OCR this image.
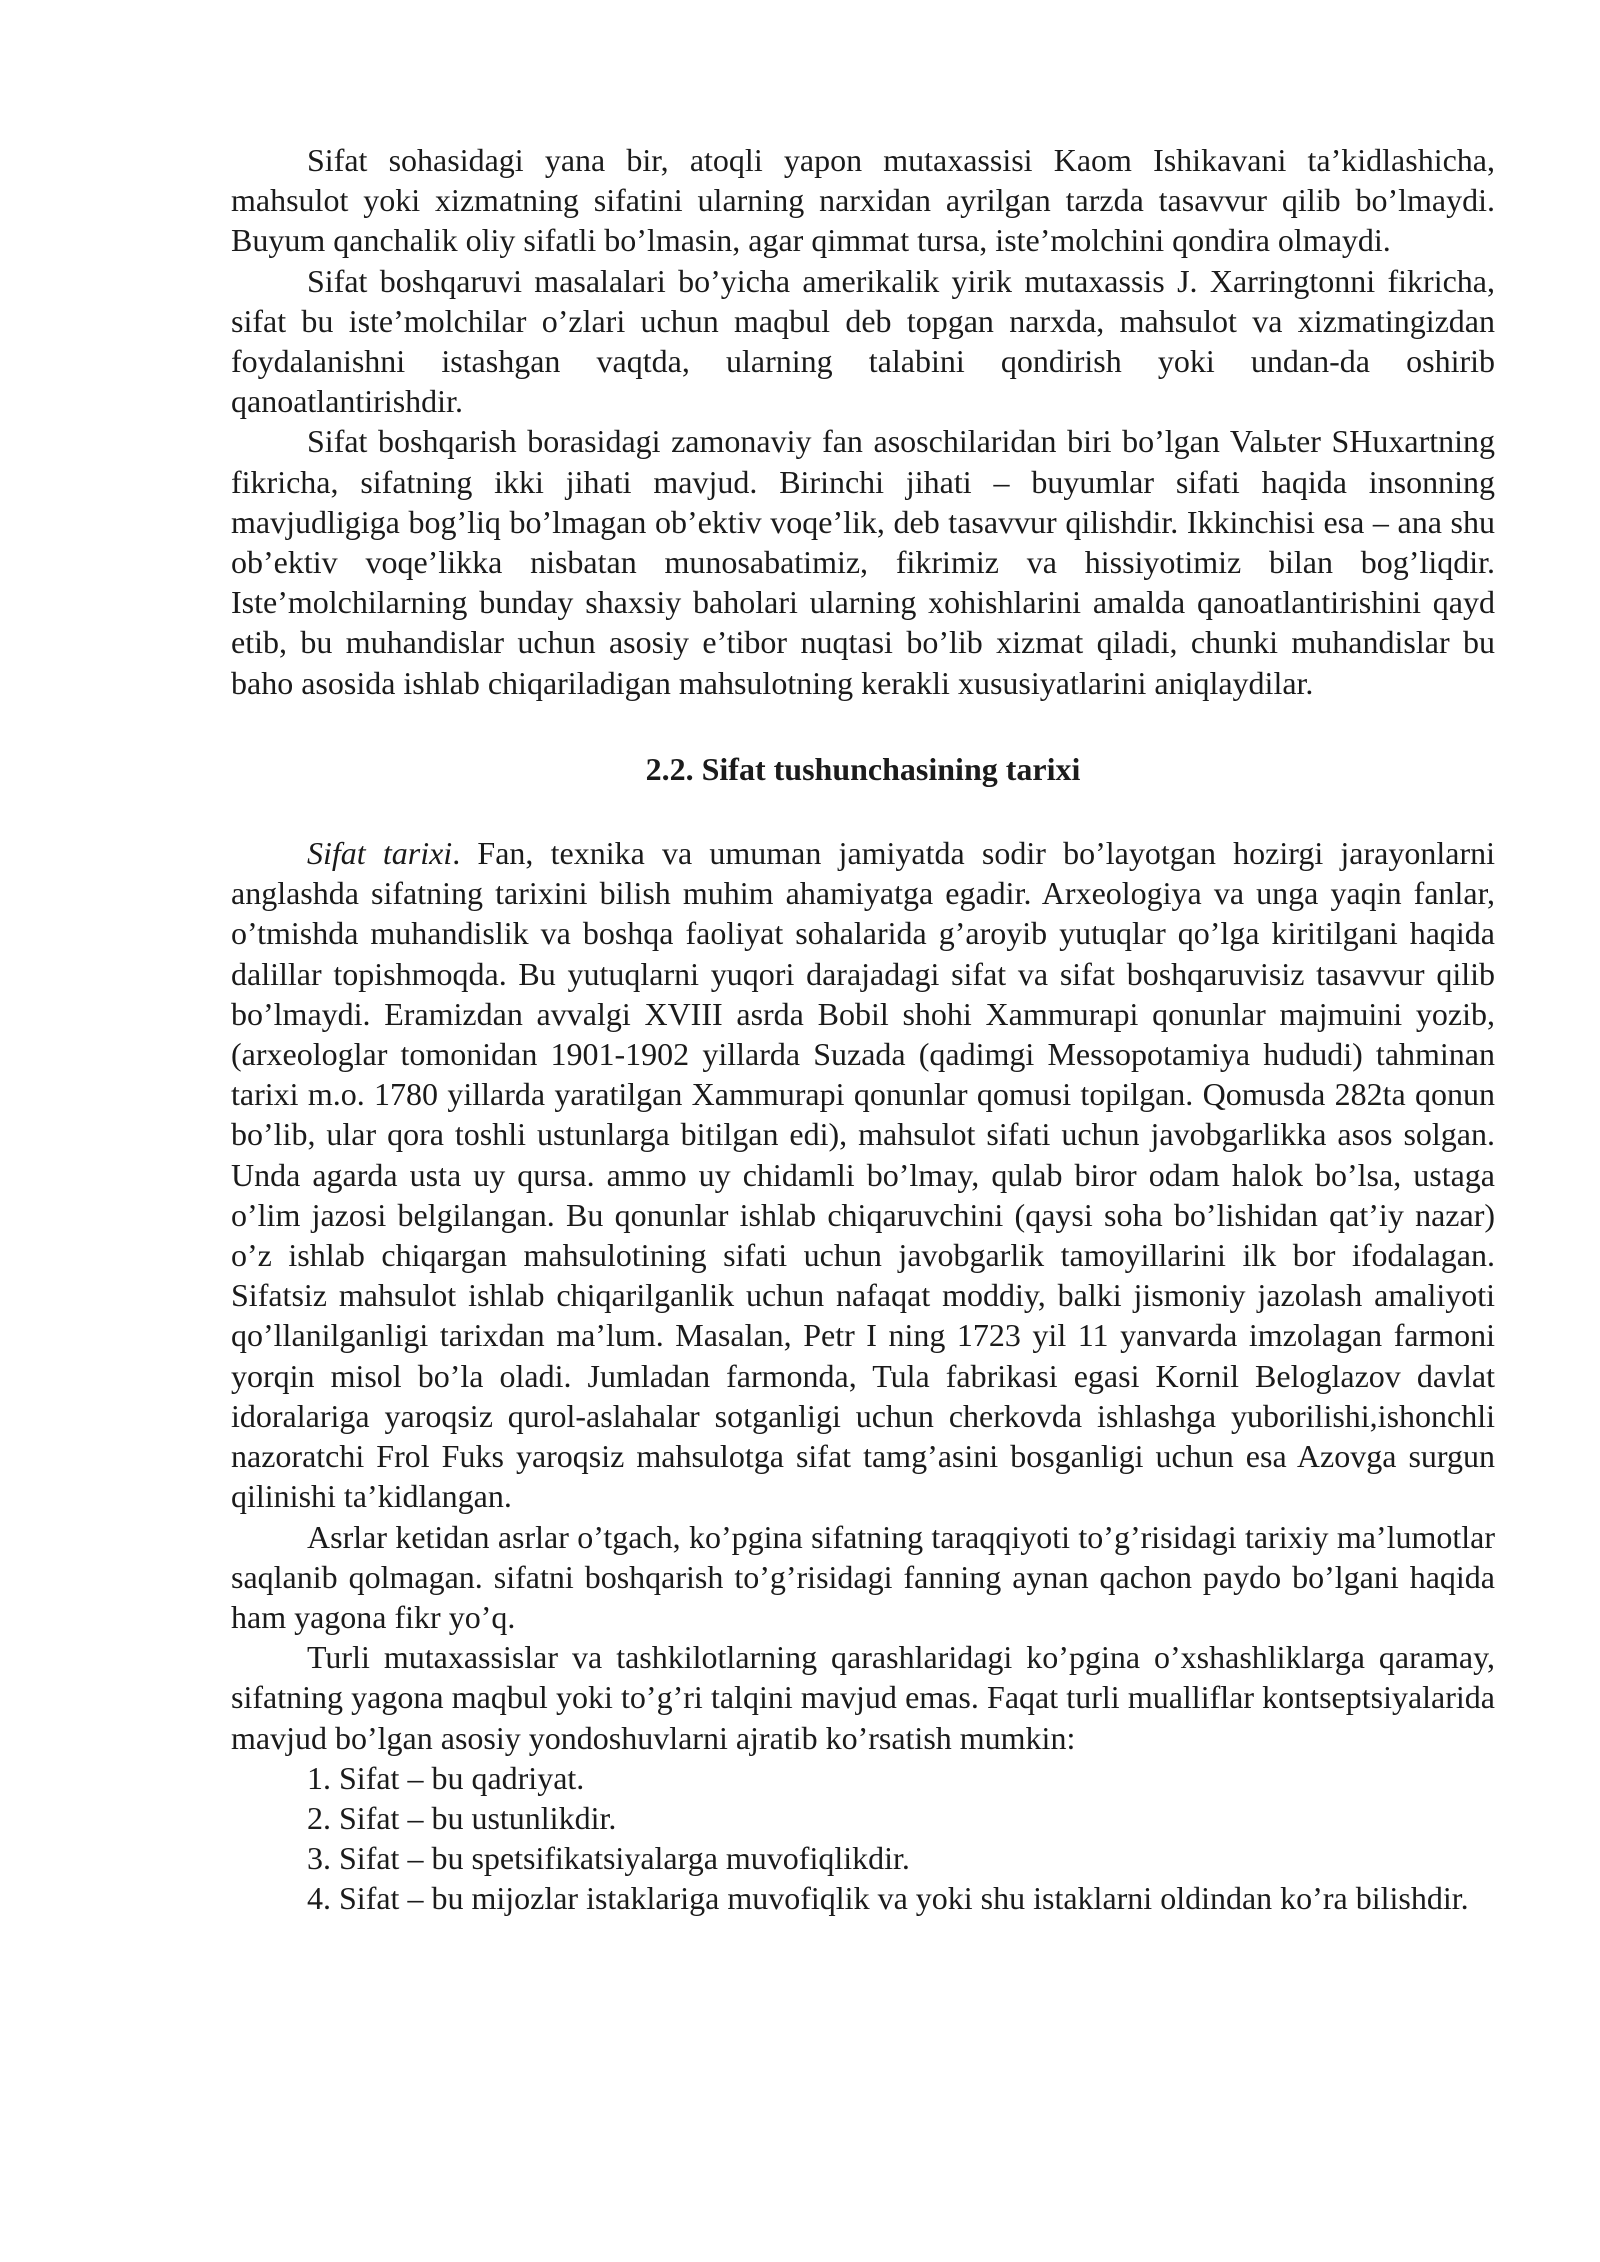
Sifat sohasidagi yana bir, atoqli yapon mutaxassisi Kaom Ishikavani ta’kidlashicha, mahsulot yoki xizmatning sifatini ularning narxidan ayrilgan tarzda tasavvur qilib bo’lmaydi. Buyum qanchalik oliy sifatli bo’lmasin, agar qimmat tursa, iste’molchini qondira olmaydi.

Sifat boshqaruvi masalalari bo’yicha amerikalik yirik mutaxassis J. Xarringtonni fikricha, sifat bu iste’molchilar o’zlari uchun maqbul deb topgan narxda, mahsulot va xizmatingizdan foydalanishni istashgan vaqtda, ularning talabini qondirish yoki undan-da oshirib qanoatlantirishdir.

Sifat boshqarish borasidagi zamonaviy fan asoschilaridan biri bo’lgan Valьter SHuxartning fikricha, sifatning ikki jihati mavjud. Birinchi jihati – buyumlar sifati haqida insonning mavjudligiga bog’liq bo’lmagan ob’ektiv voqe’lik, deb tasavvur qilishdir. Ikkinchisi esa – ana shu ob’ektiv voqe’likka nisbatan munosabatimiz, fikrimiz va hissiyotimiz bilan bog’liqdir. Iste’molchilarning bunday shaxsiy baholari ularning xohishlarini amalda qanoatlantirishini qayd etib, bu muhandislar uchun asosiy e’tibor nuqtasi bo’lib xizmat qiladi, chunki muhandislar bu baho asosida ishlab chiqariladigan mahsulotning kerakli xususiyatlarini aniqlaydilar.

2.2. Sifat tushunchasining tarixi

Sifat tarixi. Fan, texnika va umuman jamiyatda sodir bo’layotgan hozirgi jarayonlarni anglashda sifatning tarixini bilish muhim ahamiyatga egadir. Arxeologiya va unga yaqin fanlar, o’tmishda muhandislik va boshqa faoliyat sohalarida g’aroyib yutuqlar qo’lga kiritilgani haqida dalillar topishmoqda. Bu yutuqlarni yuqori darajadagi sifat va sifat boshqaruvisiz tasavvur qilib bo’lmaydi. Eramizdan avvalgi XVIII asrda Bobil shohi Xammurapi qonunlar majmuini yozib,(arxeologlar tomonidan 1901-1902 yillarda Suzada (qadimgi Messopotamiya hududi) tahminan tarixi m.o. 1780 yillarda yaratilgan Xammurapi qonunlar qomusi topilgan. Qomusda 282ta qonun bo’lib, ular qora toshli ustunlarga bitilgan edi), mahsulot sifati uchun javobgarlikka asos solgan. Unda agarda usta uy qursa. ammo uy chidamli bo’lmay, qulab biror odam halok bo’lsa, ustaga o’lim jazosi belgilangan. Bu qonunlar ishlab chiqaruvchini (qaysi soha bo’lishidan qat’iy nazar) o’z ishlab chiqargan mahsulotining sifati uchun javobgarlik tamoyillarini ilk bor ifodalagan. Sifatsiz mahsulot ishlab chiqarilganlik uchun nafaqat moddiy, balki jismoniy jazolash amaliyoti qo’llanilganligi tarixdan ma’lum. Masalan, Petr I ning 1723 yil 11 yanvarda imzolagan farmoni yorqin misol bo’la oladi. Jumladan farmonda, Tula fabrikasi egasi Kornil Beloglazov davlat idoralariga yaroqsiz qurol-aslahalar sotganligi uchun cherkovda ishlashga yuborilishi,ishonchli nazoratchi Frol Fuks yaroqsiz mahsulotga sifat tamg’asini bosganligi uchun esa Azovga surgun qilinishi ta’kidlangan.

Asrlar ketidan asrlar o’tgach, ko’pgina sifatning taraqqiyoti to’g’risidagi tarixiy ma’lumotlar saqlanib qolmagan. sifatni boshqarish to’g’risidagi fanning aynan qachon paydo bo’lgani haqida ham yagona fikr yo’q.

Turli mutaxassislar va tashkilotlarning qarashlaridagi ko’pgina o’xshashliklarga qaramay, sifatning yagona maqbul yoki to’g’ri talqini mavjud emas. Faqat turli mualliflar kontseptsiyalarida mavjud bo’lgan asosiy yondoshuvlarni ajratib ko’rsatish mumkin:

1. Sifat – bu qadriyat.

2. Sifat – bu ustunlikdir.

3. Sifat – bu spetsifikatsiyalarga muvofiqlikdir.

4. Sifat – bu mijozlar istaklariga muvofiqlik va yoki shu istaklarni oldindan ko’ra bilishdir.
